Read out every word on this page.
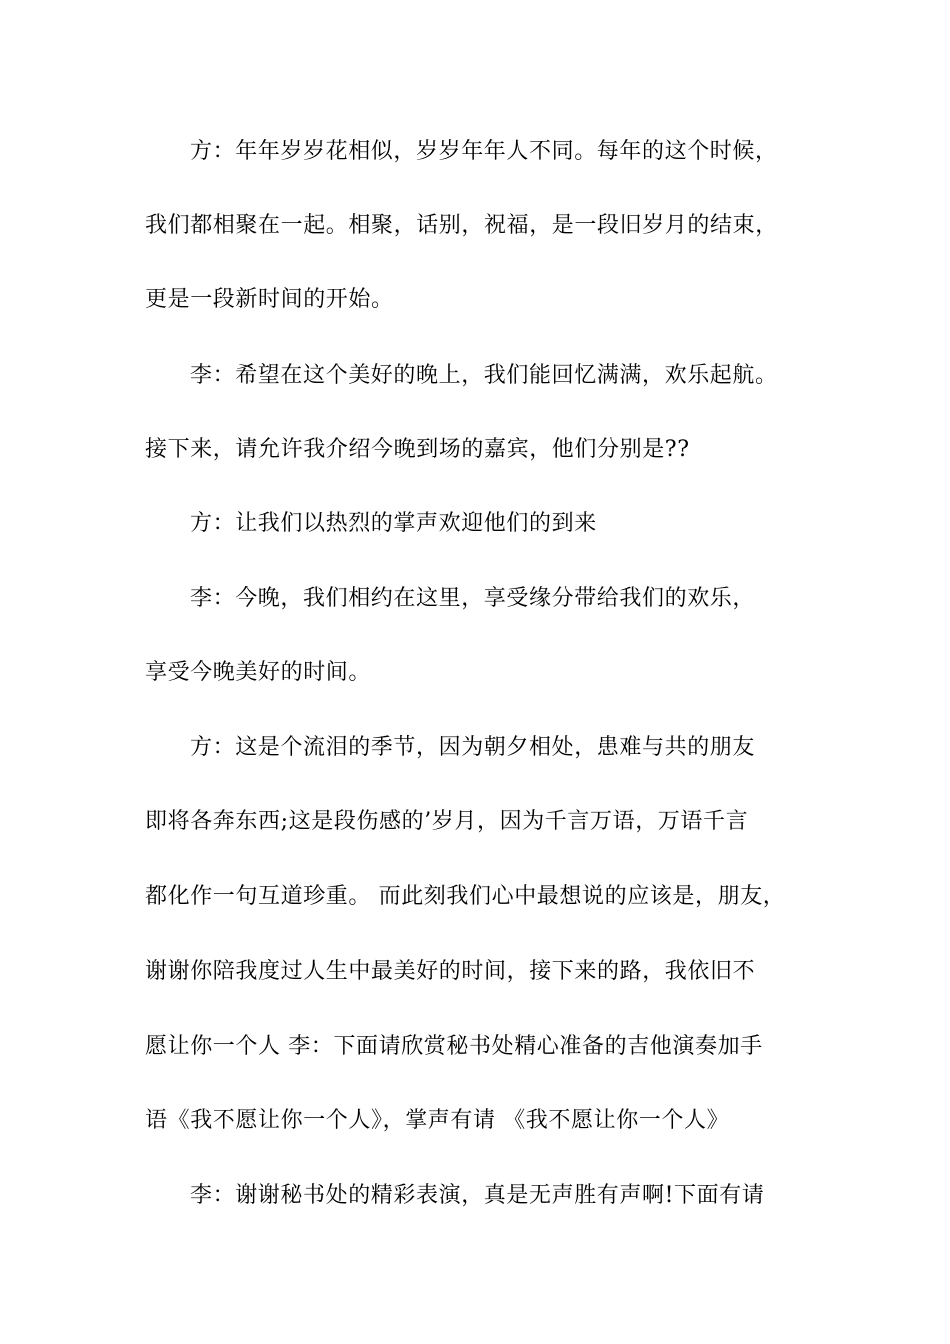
方：年年岁岁花相似，岁岁年年人不同。每年的这个时候，
我们都相聚在一起。相聚，话别，祝福，是一段旧岁月的结束，
更是一段新时间的开始。
李：希望在这个美好的晚上，我们能回忆满满，欢乐起航。
接下来，请允许我介绍今晚到场的嘉宾，他们分别是??
方：让我们以热烈的掌声欢迎他们的到来
李：今晚，我们相约在这里，享受缘分带给我们的欢乐，
享受今晚美好的时间。
方：这是个流泪的季节，因为朝夕相处，患难与共的朋友
即将各奔东西;这是段伤感的’岁月，因为千言万语，万语千言
都化作一句互道珍重。 而此刻我们心中最想说的应该是，朋友，
谢谢你陪我度过人生中最美好的时间，接下来的路，我依旧不
愿让你一个人 李：下面请欣赏秘书处精心准备的吉他演奏加手
语《我不愿让你一个人》，掌声有请 《我不愿让你一个人》
李：谢谢秘书处的精彩表演，真是无声胜有声啊!下面有请
